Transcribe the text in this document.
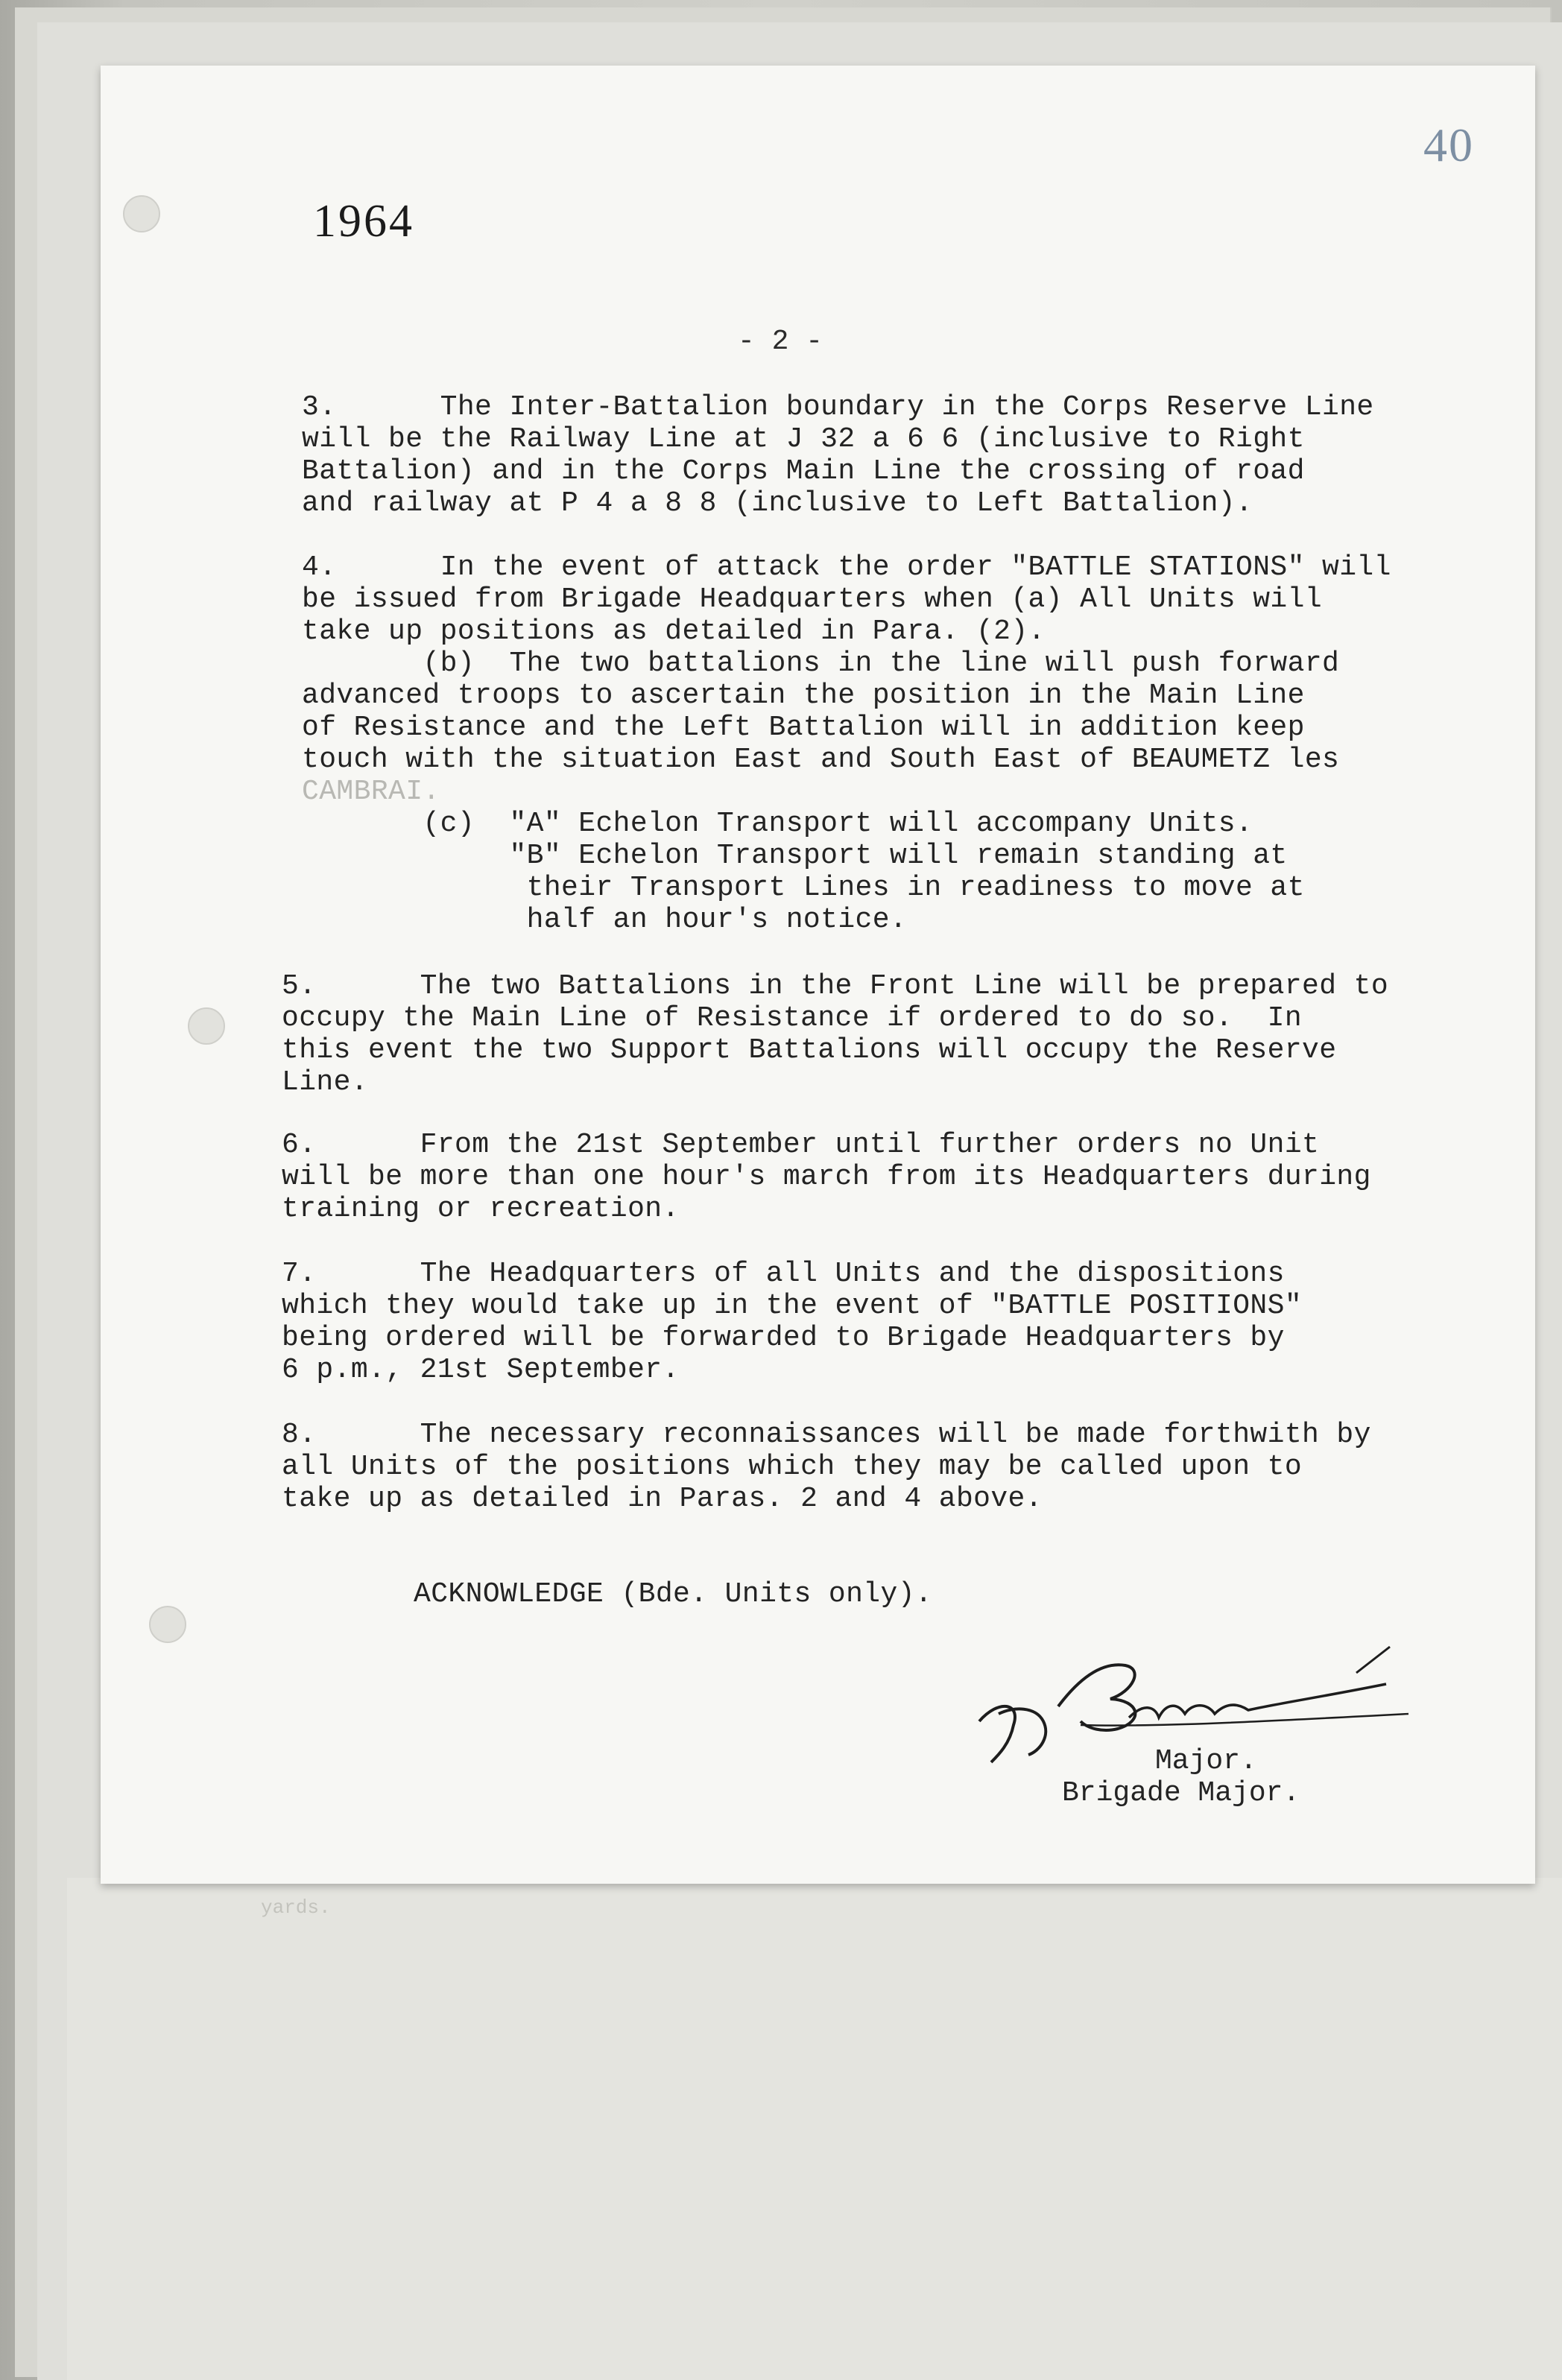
yards.
40
1964
- 2 -
3.      The Inter-Battalion boundary in the Corps Reserve Line
will be the Railway Line at J 32 a 6 6 (inclusive to Right
Battalion) and in the Corps Main Line the crossing of road
and railway at P 4 a 8 8 (inclusive to Left Battalion).
4.      In the event of attack the order "BATTLE STATIONS" will
be issued from Brigade Headquarters when (a) All Units will
take up positions as detailed in Para. (2).
(b)  The two battalions in the line will push forward
advanced troops to ascertain the position in the Main Line
of Resistance and the Left Battalion will in addition keep
touch with the situation East and South East of BEAUMETZ les
CAMBRAI.
(c)  "A" Echelon Transport will accompany Units.
"B" Echelon Transport will remain standing at
their Transport Lines in readiness to move at
half an hour's notice.
5.      The two Battalions in the Front Line will be prepared to
occupy the Main Line of Resistance if ordered to do so.  In
this event the two Support Battalions will occupy the Reserve
Line.
6.      From the 21st September until further orders no Unit
will be more than one hour's march from its Headquarters during
training or recreation.
7.      The Headquarters of all Units and the dispositions
which they would take up in the event of "BATTLE POSITIONS"
being ordered will be forwarded to Brigade Headquarters by
6 p.m., 21st September.
8.      The necessary reconnaissances will be made forthwith by
all Units of the positions which they may be called upon to
take up as detailed in Paras. 2 and 4 above.
ACKNOWLEDGE (Bde. Units only).
Major.
Brigade Major.
